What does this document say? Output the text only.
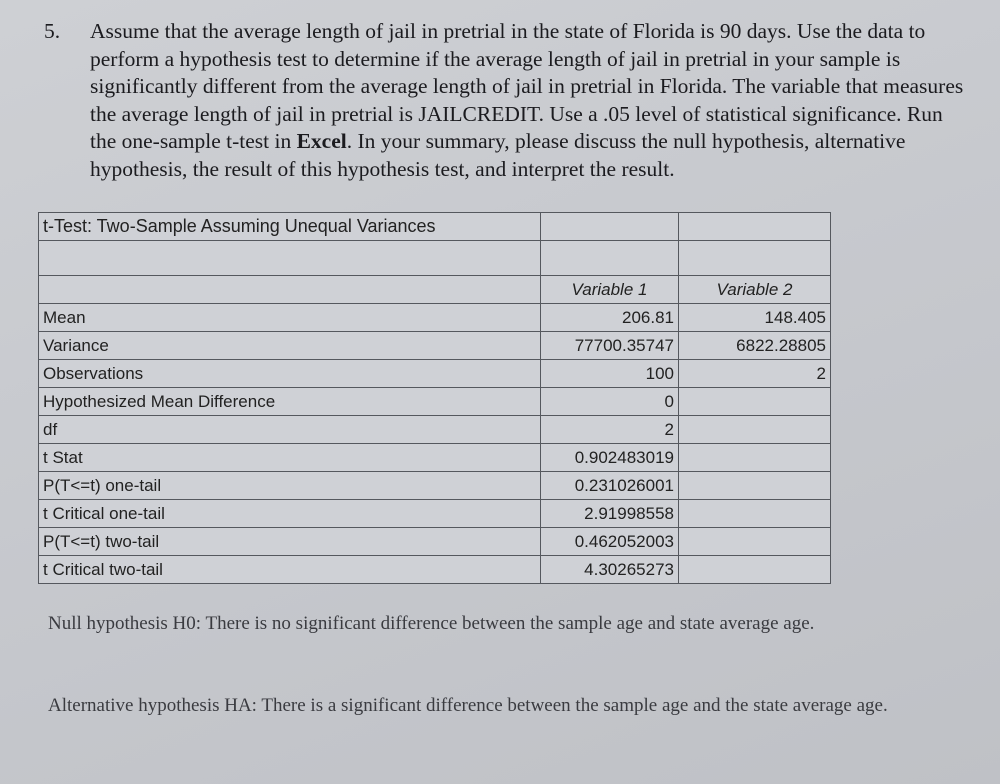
5. Assume that the average length of jail in pretrial in the state of Florida is 90 days. Use the data to perform a hypothesis test to determine if the average length of jail in pretrial in your sample is significantly different from the average length of jail in pretrial in Florida. The variable that measures the average length of jail in pretrial is JAILCREDIT. Use a .05 level of statistical significance. Run the one-sample t-test in Excel. In your summary, please discuss the null hypothesis, alternative hypothesis, the result of this hypothesis test, and interpret the result.

t-Test: Two-Sample Assuming Unequal Variances		

	Variable 1	Variable 2
Mean	206.81	148.405
Variance	77700.35747	6822.28805
Observations	100	2
Hypothesized Mean Difference	0	
df	2	
t Stat	0.902483019	
P(T<=t) one-tail	0.231026001	
t Critical one-tail	2.91998558	
P(T<=t) two-tail	0.462052003	
t Critical two-tail	4.30265273	

Null hypothesis H0: There is no significant difference between the sample age and state average age.

Alternative hypothesis HA: There is a significant difference between the sample age and the state average age.
